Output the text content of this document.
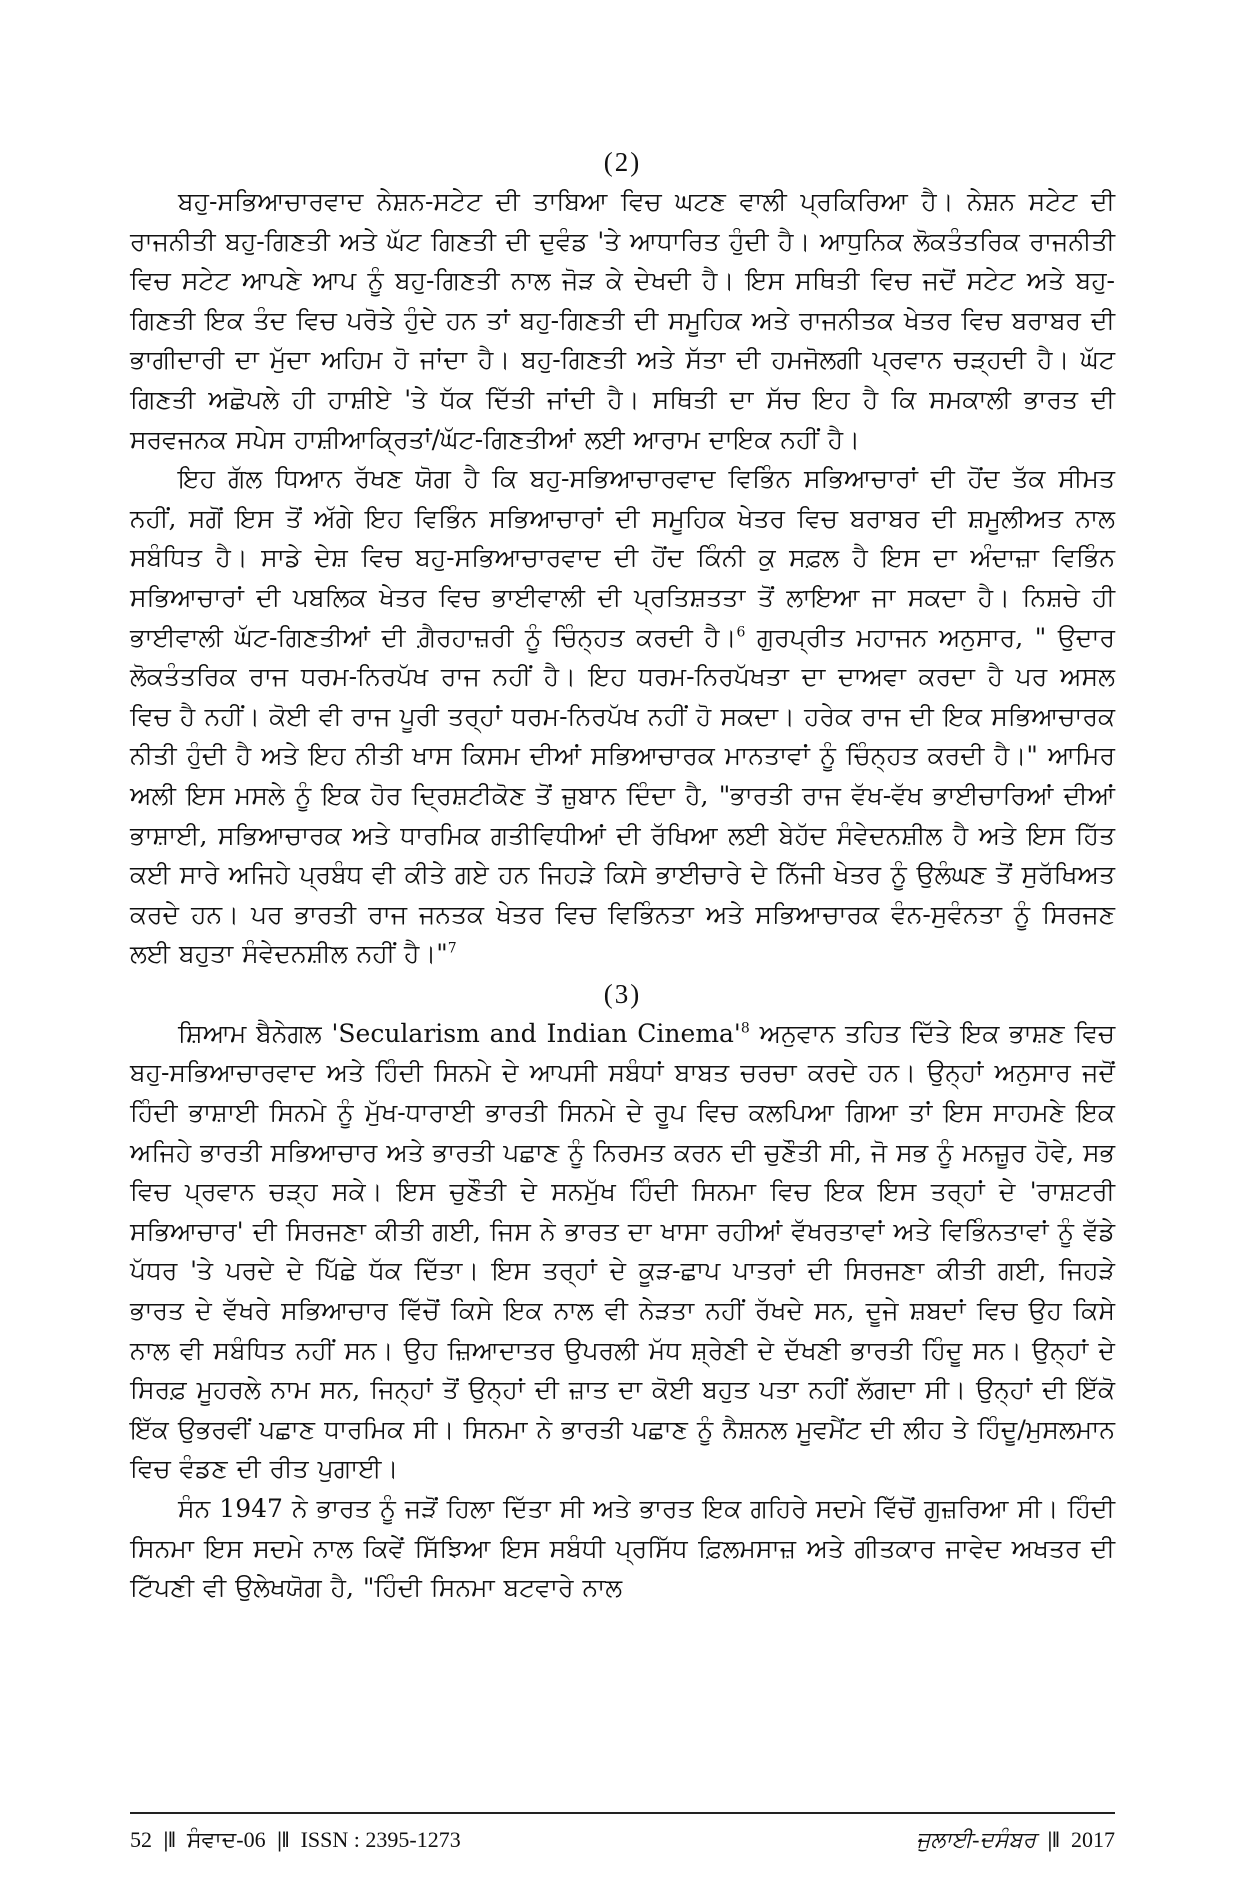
(2)

ਬਹੁ-ਸਭਿਆਚਾਰਵਾਦ ਨੇਸ਼ਨ-ਸਟੇਟ ਦੀ ਤਾਬਿਆ ਵਿਚ ਘਟਣ ਵਾਲੀ ਪ੍ਰਕਿਰਿਆ ਹੈ। ਨੇਸ਼ਨ ਸਟੇਟ ਦੀ ਰਾਜਨੀਤੀ ਬਹੁ-ਗਿਣਤੀ ਅਤੇ ਘੱਟ ਗਿਣਤੀ ਦੀ ਦੁਵੰਡ 'ਤੇ ਆਧਾਰਿਤ ਹੁੰਦੀ ਹੈ। ਆਧੁਨਿਕ ਲੋਕਤੰਤਰਿਕ ਰਾਜਨੀਤੀ ਵਿਚ ਸਟੇਟ ਆਪਣੇ ਆਪ ਨੂੰ ਬਹੁ-ਗਿਣਤੀ ਨਾਲ ਜੋੜ ਕੇ ਦੇਖਦੀ ਹੈ। ਇਸ ਸਥਿਤੀ ਵਿਚ ਜਦੋਂ ਸਟੇਟ ਅਤੇ ਬਹੁ-ਗਿਣਤੀ ਇਕ ਤੰਦ ਵਿਚ ਪਰੋਤੇ ਹੁੰਦੇ ਹਨ ਤਾਂ ਬਹੁ-ਗਿਣਤੀ ਦੀ ਸਮੂਹਿਕ ਅਤੇ ਰਾਜਨੀਤਕ ਖੇਤਰ ਵਿਚ ਬਰਾਬਰ ਦੀ ਭਾਗੀਦਾਰੀ ਦਾ ਮੁੱਦਾ ਅਹਿਮ ਹੋ ਜਾਂਦਾ ਹੈ। ਬਹੁ-ਗਿਣਤੀ ਅਤੇ ਸੱਤਾ ਦੀ ਹਮਜੋਲਗੀ ਪ੍ਰਵਾਨ ਚੜ੍ਹਦੀ ਹੈ। ਘੱਟ ਗਿਣਤੀ ਅਛੋਪਲੇ ਹੀ ਹਾਸ਼ੀਏ 'ਤੇ ਧੱਕ ਦਿੱਤੀ ਜਾਂਦੀ ਹੈ। ਸਥਿਤੀ ਦਾ ਸੱਚ ਇਹ ਹੈ ਕਿ ਸਮਕਾਲੀ ਭਾਰਤ ਦੀ ਸਰਵਜਨਕ ਸਪੇਸ ਹਾਸ਼ੀਆਕ੍ਰਿਤਾਂ/ਘੱਟ-ਗਿਣਤੀਆਂ ਲਈ ਆਰਾਮ ਦਾਇਕ ਨਹੀਂ ਹੈ।

ਇਹ ਗੱਲ ਧਿਆਨ ਰੱਖਣ ਯੋਗ ਹੈ ਕਿ ਬਹੁ-ਸਭਿਆਚਾਰਵਾਦ ਵਿਭਿੰਨ ਸਭਿਆਚਾਰਾਂ ਦੀ ਹੋਂਦ ਤੱਕ ਸੀਮਤ ਨਹੀਂ, ਸਗੋਂ ਇਸ ਤੋਂ ਅੱਗੇ ਇਹ ਵਿਭਿੰਨ ਸਭਿਆਚਾਰਾਂ ਦੀ ਸਮੂਹਿਕ ਖੇਤਰ ਵਿਚ ਬਰਾਬਰ ਦੀ ਸ਼ਮੂਲੀਅਤ ਨਾਲ ਸਬੰਧਿਤ ਹੈ। ਸਾਡੇ ਦੇਸ਼ ਵਿਚ ਬਹੁ-ਸਭਿਆਚਾਰਵਾਦ ਦੀ ਹੋਂਦ ਕਿੰਨੀ ਕੁ ਸਫ਼ਲ ਹੈ ਇਸ ਦਾ ਅੰਦਾਜ਼ਾ ਵਿਭਿੰਨ ਸਭਿਆਚਾਰਾਂ ਦੀ ਪਬਲਿਕ ਖੇਤਰ ਵਿਚ ਭਾਈਵਾਲੀ ਦੀ ਪ੍ਰਤਿਸ਼ਤਤਾ ਤੋਂ ਲਾਇਆ ਜਾ ਸਕਦਾ ਹੈ। ਨਿਸ਼ਚੇ ਹੀ ਭਾਈਵਾਲੀ ਘੱਟ-ਗਿਣਤੀਆਂ ਦੀ ਗ਼ੈਰਹਾਜ਼ਰੀ ਨੂੰ ਚਿੰਨ੍ਹਤ ਕਰਦੀ ਹੈ।$^6$ ਗੁਰਪ੍ਰੀਤ ਮਹਾਜਨ ਅਨੁਸਾਰ, " ਉਦਾਰ ਲੋਕਤੰਤਰਿਕ ਰਾਜ ਧਰਮ-ਨਿਰਪੱਖ ਰਾਜ ਨਹੀਂ ਹੈ। ਇਹ ਧਰਮ-ਨਿਰਪੱਖਤਾ ਦਾ ਦਾਅਵਾ ਕਰਦਾ ਹੈ ਪਰ ਅਸਲ ਵਿਚ ਹੈ ਨਹੀਂ। ਕੋਈ ਵੀ ਰਾਜ ਪੂਰੀ ਤਰ੍ਹਾਂ ਧਰਮ-ਨਿਰਪੱਖ ਨਹੀਂ ਹੋ ਸਕਦਾ। ਹਰੇਕ ਰਾਜ ਦੀ ਇਕ ਸਭਿਆਚਾਰਕ ਨੀਤੀ ਹੁੰਦੀ ਹੈ ਅਤੇ ਇਹ ਨੀਤੀ ਖਾਸ ਕਿਸਮ ਦੀਆਂ ਸਭਿਆਚਾਰਕ ਮਾਨਤਾਵਾਂ ਨੂੰ ਚਿੰਨ੍ਹਤ ਕਰਦੀ ਹੈ।" ਆਮਿਰ ਅਲੀ ਇਸ ਮਸਲੇ ਨੂੰ ਇਕ ਹੋਰ ਦ੍ਰਿਸ਼ਟੀਕੋਣ ਤੋਂ ਜ਼ੁਬਾਨ ਦਿੰਦਾ ਹੈ, "ਭਾਰਤੀ ਰਾਜ ਵੱਖ-ਵੱਖ ਭਾਈਚਾਰਿਆਂ ਦੀਆਂ ਭਾਸ਼ਾਈ, ਸਭਿਆਚਾਰਕ ਅਤੇ ਧਾਰਮਿਕ ਗਤੀਵਿਧੀਆਂ ਦੀ ਰੱਖਿਆ ਲਈ ਬੇਹੱਦ ਸੰਵੇਦਨਸ਼ੀਲ ਹੈ ਅਤੇ ਇਸ ਹਿੱਤ ਕਈ ਸਾਰੇ ਅਜਿਹੇ ਪ੍ਰਬੰਧ ਵੀ ਕੀਤੇ ਗਏ ਹਨ ਜਿਹੜੇ ਕਿਸੇ ਭਾਈਚਾਰੇ ਦੇ ਨਿੱਜੀ ਖੇਤਰ ਨੂੰ ਉਲੰਘਣ ਤੋਂ ਸੁਰੱਖਿਅਤ ਕਰਦੇ ਹਨ। ਪਰ ਭਾਰਤੀ ਰਾਜ ਜਨਤਕ ਖੇਤਰ ਵਿਚ ਵਿਭਿੰਨਤਾ ਅਤੇ ਸਭਿਆਚਾਰਕ ਵੰਨ-ਸੁਵੰਨਤਾ ਨੂੰ ਸਿਰਜਣ ਲਈ ਬਹੁਤਾ ਸੰਵੇਦਨਸ਼ੀਲ ਨਹੀਂ ਹੈ।"$^7$

(3)

ਸ਼ਿਆਮ ਬੈਨੇਗਲ 'Secularism and Indian $Cinema'^8$ ਅਨੁਵਾਨ ਤਹਿਤ ਦਿੱਤੇ ਇਕ ਭਾਸ਼ਣ ਵਿਚ ਬਹੁ-ਸਭਿਆਚਾਰਵਾਦ ਅਤੇ ਹਿੰਦੀ ਸਿਨਮੇ ਦੇ ਆਪਸੀ ਸਬੰਧਾਂ ਬਾਬਤ ਚਰਚਾ ਕਰਦੇ ਹਨ। ਉਨ੍ਹਾਂ ਅਨੁਸਾਰ ਜਦੋਂ ਹਿੰਦੀ ਭਾਸ਼ਾਈ ਸਿਨਮੇ ਨੂੰ ਮੁੱਖ-ਧਾਰਾਈ ਭਾਰਤੀ ਸਿਨਮੇ ਦੇ ਰੂਪ ਵਿਚ ਕਲਪਿਆ ਗਿਆ ਤਾਂ ਇਸ ਸਾਹਮਣੇ ਇਕ ਅਜਿਹੇ ਭਾਰਤੀ ਸਭਿਆਚਾਰ ਅਤੇ ਭਾਰਤੀ ਪਛਾਣ ਨੂੰ ਨਿਰਮਤ ਕਰਨ ਦੀ ਚੁਣੌਤੀ ਸੀ, ਜੋ ਸਭ ਨੂੰ ਮਨਜ਼ੂਰ ਹੋਵੇ, ਸਭ ਵਿਚ ਪ੍ਰਵਾਨ ਚੜ੍ਹ ਸਕੇ। ਇਸ ਚੁਣੌਤੀ ਦੇ ਸਨਮੁੱਖ ਹਿੰਦੀ ਸਿਨਮਾ ਵਿਚ ਇਕ ਇਸ ਤਰ੍ਹਾਂ ਦੇ 'ਰਾਸ਼ਟਰੀ ਸਭਿਆਚਾਰ' ਦੀ ਸਿਰਜਣਾ ਕੀਤੀ ਗਈ, ਜਿਸ ਨੇ ਭਾਰਤ ਦਾ ਖਾਸਾ ਰਹੀਆਂ ਵੱਖਰਤਾਵਾਂ ਅਤੇ ਵਿਭਿੰਨਤਾਵਾਂ ਨੂੰ ਵੱਡੇ ਪੱਧਰ 'ਤੇ ਪਰਦੇ ਦੇ ਪਿੱਛੇ ਧੱਕ ਦਿੱਤਾ। ਇਸ ਤਰ੍ਹਾਂ ਦੇ ਕੂੜ-ਛਾਪ ਪਾਤਰਾਂ ਦੀ ਸਿਰਜਣਾ ਕੀਤੀ ਗਈ, ਜਿਹੜੇ ਭਾਰਤ ਦੇ ਵੱਖਰੇ ਸਭਿਆਚਾਰ ਵਿੱਚੋਂ ਕਿਸੇ ਇਕ ਨਾਲ ਵੀ ਨੇੜਤਾ ਨਹੀਂ ਰੱਖਦੇ ਸਨ, ਦੂਜੇ ਸ਼ਬਦਾਂ ਵਿਚ ਉਹ ਕਿਸੇ ਨਾਲ ਵੀ ਸਬੰਧਿਤ ਨਹੀਂ ਸਨ। ਉਹ ਜ਼ਿਆਦਾਤਰ ਉਪਰਲੀ ਮੱਧ ਸ਼੍ਰੇਣੀ ਦੇ ਦੱਖਣੀ ਭਾਰਤੀ ਹਿੰਦੂ ਸਨ। ਉਨ੍ਹਾਂ ਦੇ ਸਿਰਫ਼ ਮੂਹਰਲੇ ਨਾਮ ਸਨ, ਜਿਨ੍ਹਾਂ ਤੋਂ ਉਨ੍ਹਾਂ ਦੀ ਜ਼ਾਤ ਦਾ ਕੋਈ ਬਹੁਤ ਪਤਾ ਨਹੀਂ ਲੱਗਦਾ ਸੀ। ਉਨ੍ਹਾਂ ਦੀ ਇੱਕੋ ਇੱਕ ਉਭਰਵੀਂ ਪਛਾਣ ਧਾਰਮਿਕ ਸੀ। ਸਿਨਮਾ ਨੇ ਭਾਰਤੀ ਪਛਾਣ ਨੂੰ ਨੈਸ਼ਨਲ ਮੂਵਮੈਂਟ ਦੀ ਲੀਹ ਤੇ ਹਿੰਦੂ/ਮੁਸਲਮਾਨ ਵਿਚ ਵੰਡਣ ਦੀ ਰੀਤ ਪੁਗਾਈ।

ਸੰਨ 1947 ਨੇ ਭਾਰਤ ਨੂੰ ਜੜੋਂ ਹਿਲਾ ਦਿੱਤਾ ਸੀ ਅਤੇ ਭਾਰਤ ਇਕ ਗਹਿਰੇ ਸਦਮੇ ਵਿੱਚੋਂ ਗੁਜ਼ਰਿਆ ਸੀ। ਹਿੰਦੀ ਸਿਨਮਾ ਇਸ ਸਦਮੇ ਨਾਲ ਕਿਵੇਂ ਸਿੱਝਿਆ ਇਸ ਸਬੰਧੀ ਪ੍ਰਸਿੱਧ ਫ਼ਿਲਮਸਾਜ਼ ਅਤੇ ਗੀਤਕਾਰ ਜਾਵੇਦ ਅਖਤਰ ਦੀ ਟਿੱਪਣੀ ਵੀ ਉਲੇਖਯੋਗ ਹੈ, "ਹਿੰਦੀ ਸਿਨਮਾ ਬਟਵਾਰੇ ਨਾਲ

52 |‖ ਸੰਵਾਦ-06 |‖ ISSN : 2395-1273	ਜੁਲਾਈ-ਦਸੰਬਰ |‖ 2017
